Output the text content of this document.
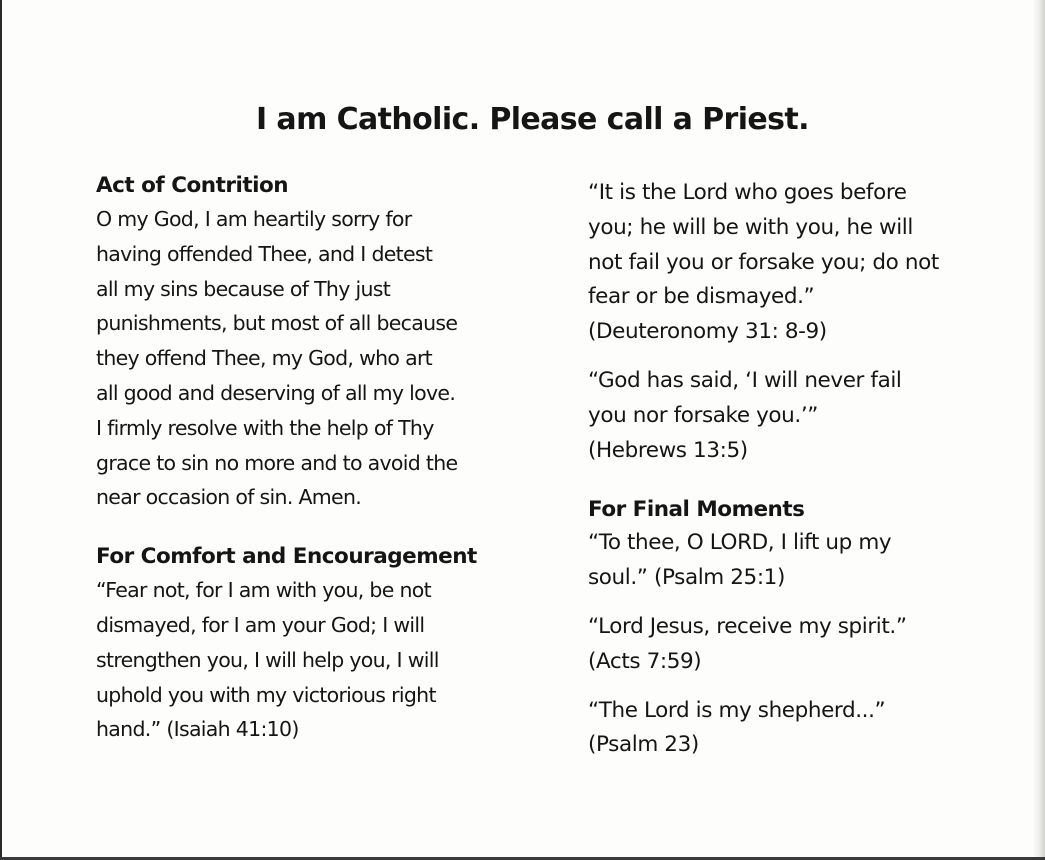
I am Catholic. Please call a Priest.
Act of Contrition

O my God, I am heartily sorry for
having offended Thee, and I detest
all my sins because of Thy just
punishments, but most of all because
they offend Thee, my God, who art
all good and deserving of all my love.
I firmly resolve with the help of Thy
grace to sin no more and to avoid the
near occasion of sin. Amen.

For Comfort and Encouragement

“Fear not, for I am with you, be not
dismayed, for I am your God; I will
strengthen you, I will help you, I will
uphold you with my victorious right
hand.” (Isaiah 41:10)

“It is the Lord who goes before
you; he will be with you, he will
not fail you or forsake you; do not
fear or be dismayed.”
(Deuteronomy 31: 8-9)

“God has said, ‘I will never fail
you nor forsake you.’”
(Hebrews 13:5)

For Final Moments

“To thee, O LORD, I lift up my
soul.” (Psalm 25:1)

“Lord Jesus, receive my spirit.”
(Acts 7:59)

“The Lord is my shepherd...”
(Psalm 23)
